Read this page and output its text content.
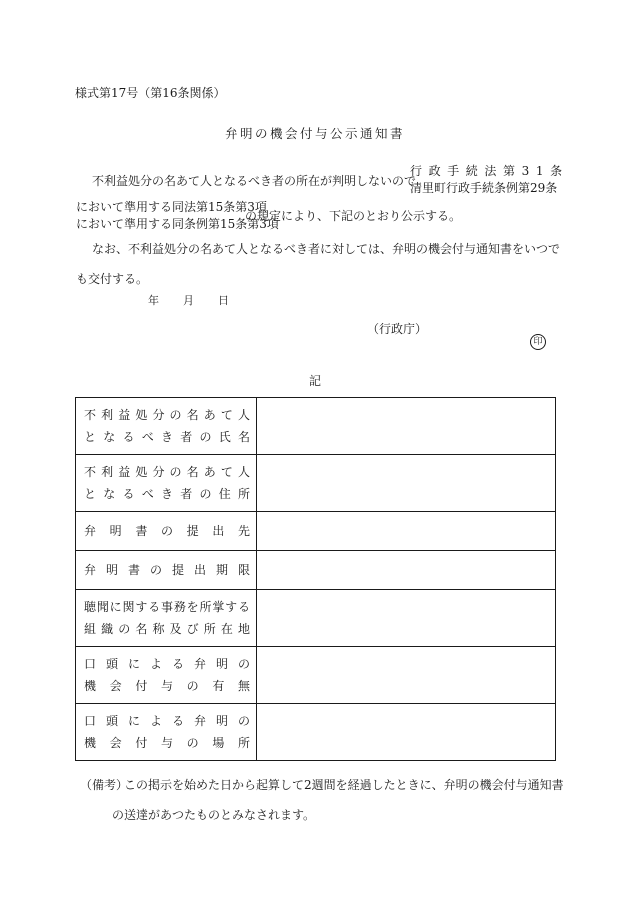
様式第17号（第16条関係）
弁明の機会付与公示通知書
不利益処分の名あて人となるべき者の所在が判明しないので
行政手続法第31条
清里町行政手続条例第29条
において準用する同法第15条第3項
において準用する同条例第15条第3項
の規定により、下記のとおり公示する。
なお、不利益処分の名あて人となるべき者に対しては、弁明の機会付与通知書をいつで
も交付する。
年 月 日
（行政庁）
印
記
不利益処分の名あて人
となるべき者の氏名	

不利益処分の名あて人
となるべき者の住所	

弁明書の提出先	

弁明書の提出期限	

聴聞に関する事務を所掌する
組織の名称及び所在地	

口頭による弁明の
機会付与の有無	

口頭による弁明の
機会付与の場所	

（備考）
この掲示を始めた日から起算して2週間を経過したときに、弁明の機会付与通知書
の送達があつたものとみなされます。
